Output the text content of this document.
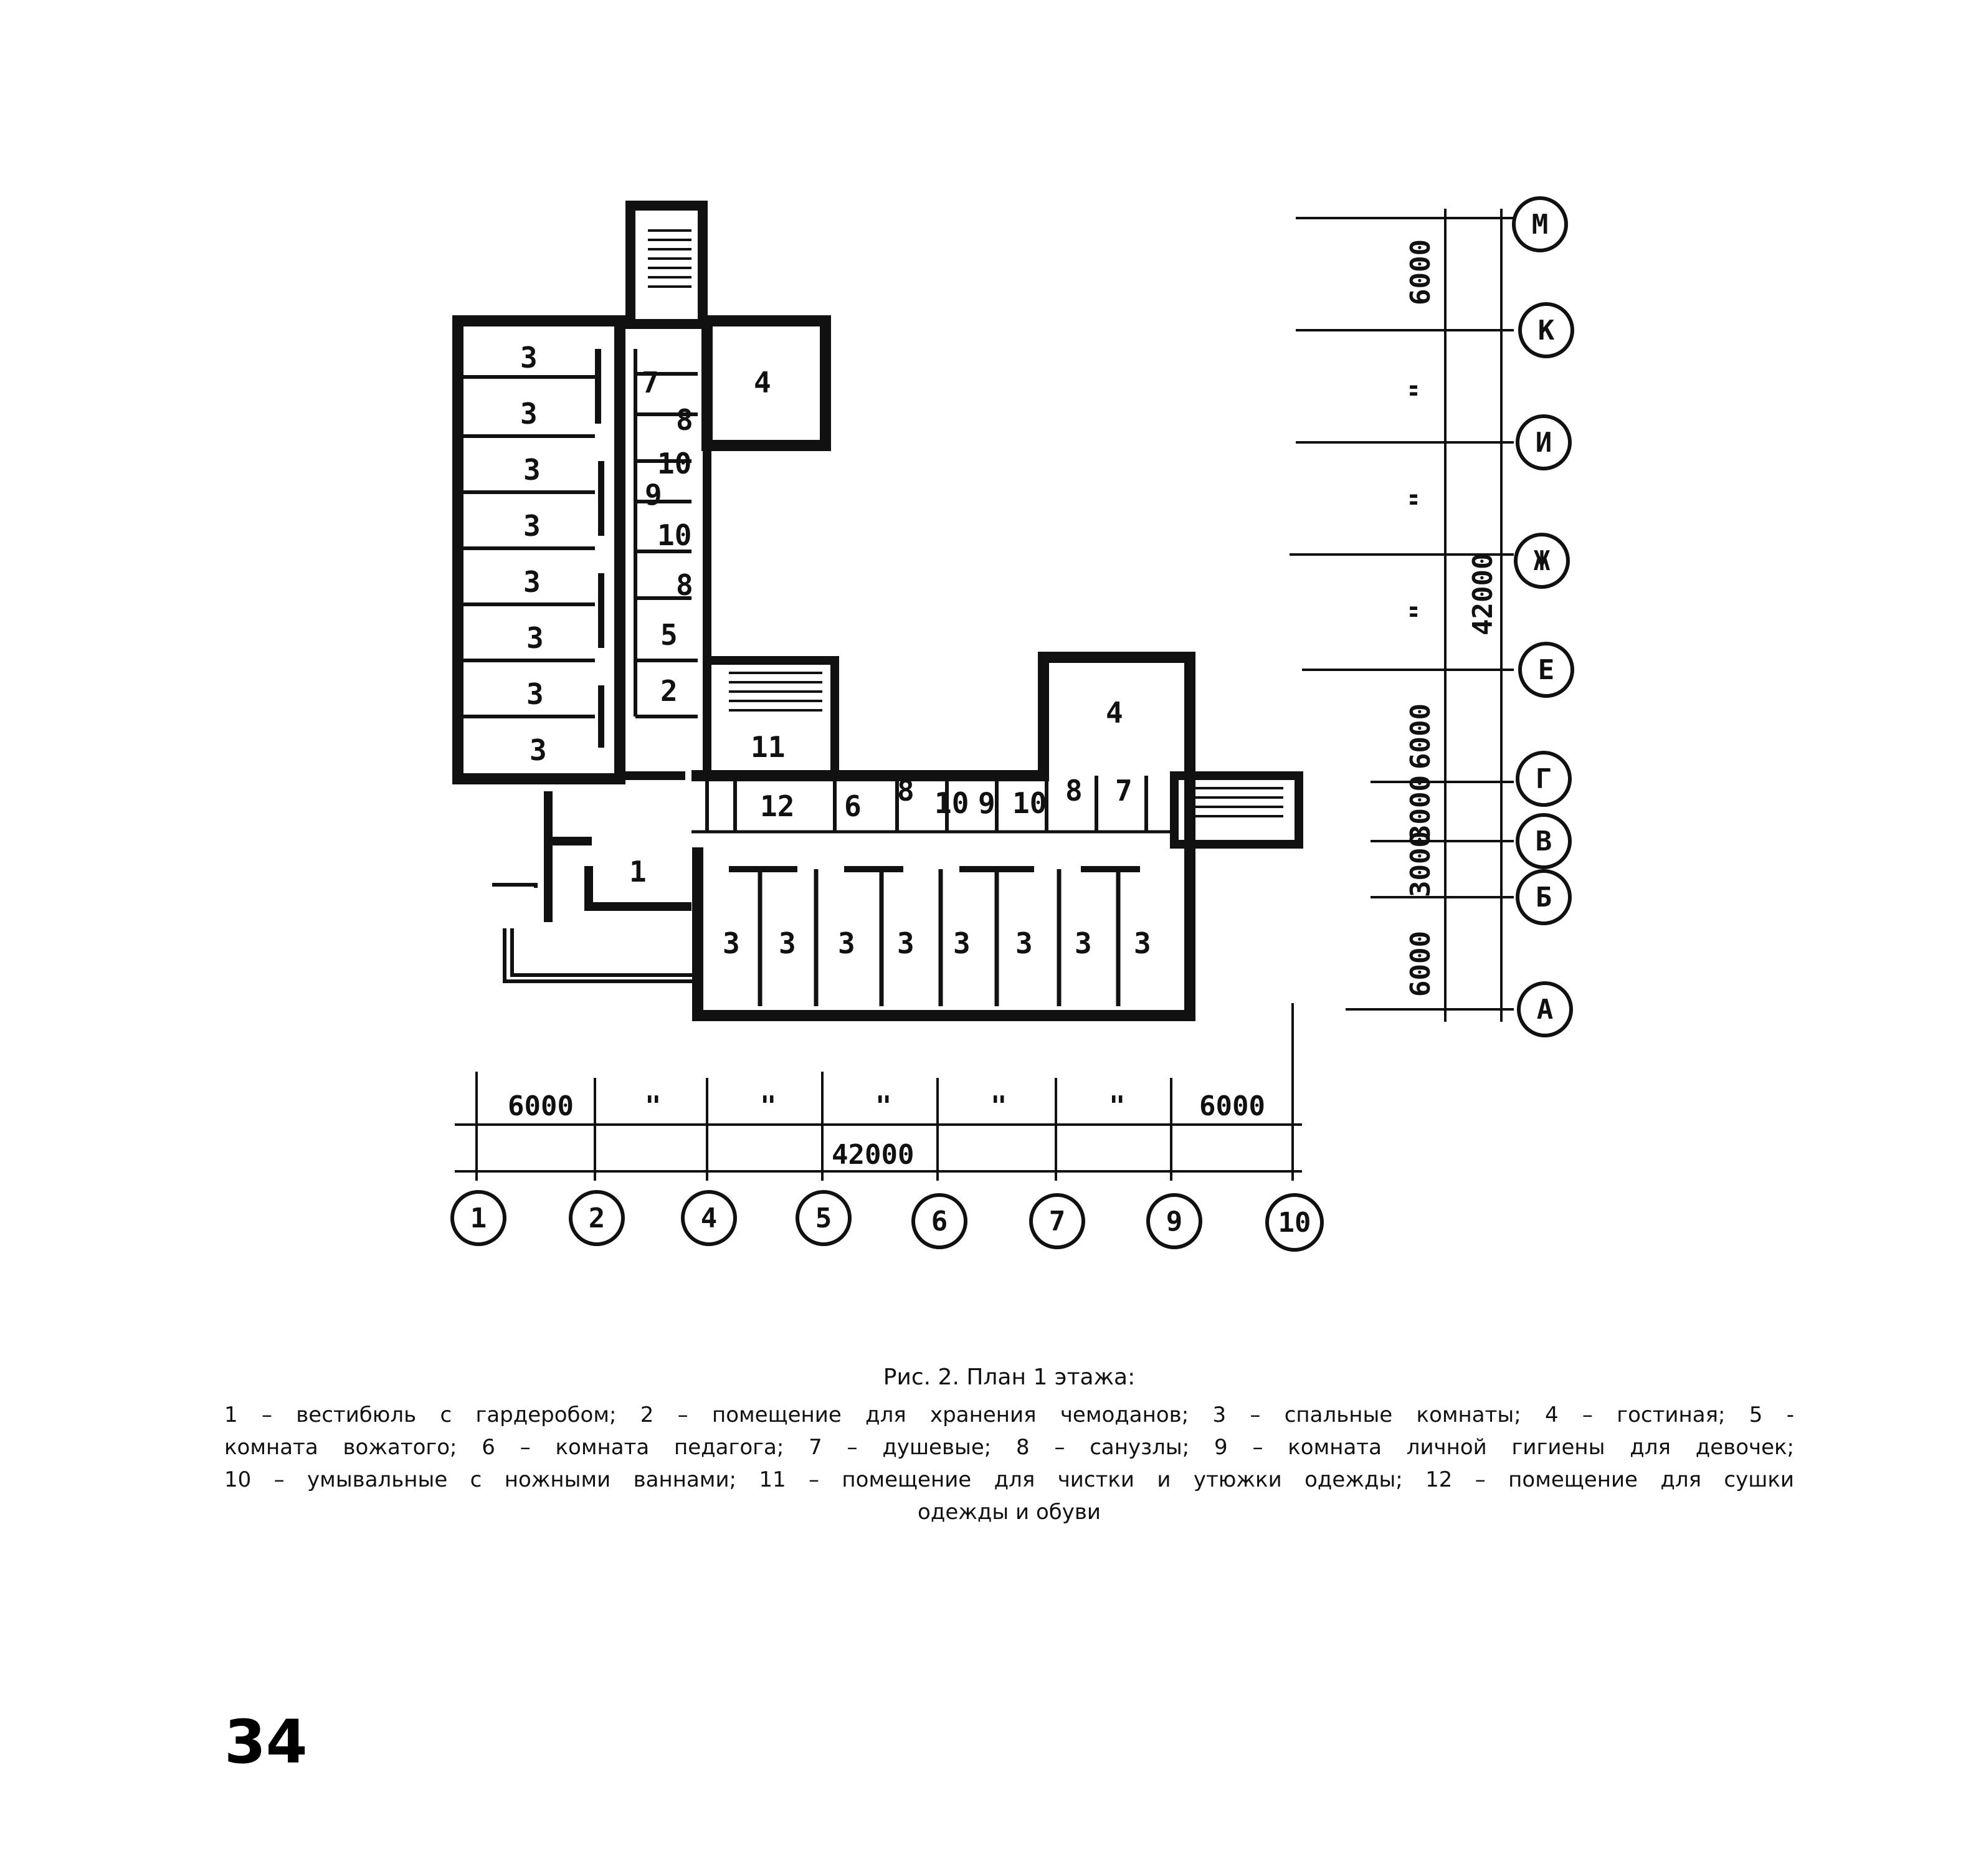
3
3
3
3
3
3
3
3
4
4
7
8
10
9
10
8
5
2
11
12
1
6 8 10 9 10 8 7
3 3 3 3 3 3 3 3
6000	"	"	"	"	"	6000
42000
1	2	4	5	6	7	9	10
6000
"
"
"
6000
3000
3000
6000
42000
М
К
И
Ж
Е
Г
В
Б
А
Рис. 2. План 1 этажа:
1 – вестибюль с гардеробом; 2 – помещение для хранения чемоданов; 3 – спальные комнаты; 4 – гостиная; 5 -
комната вожатого; 6 – комната педагога; 7 – душевые; 8 – санузлы; 9 – комната личной гигиены для девочек;
10 – умывальные с ножными ваннами; 11 – помещение для чистки и утюжки одежды; 12 – помещение для сушки
одежды и обуви
34
